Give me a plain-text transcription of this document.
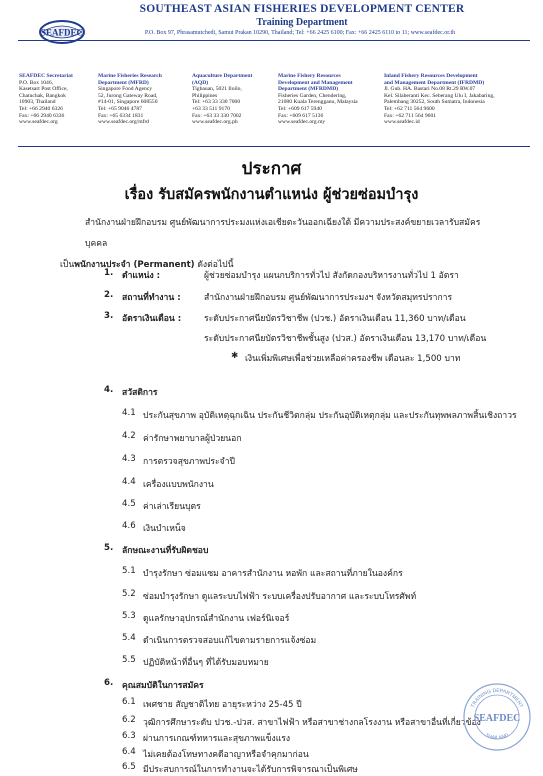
SEAFDEC
SOUTHEAST ASIAN FISHERIES DEVELOPMENT CENTER
Training Department
P.O. Box 97, Phrasamutchedi, Samut Prakan 10290, Thailand; Tel: +66 2425 6100; Fax: +66 2425 6110 to 11; www.seafdec.or.th
SEAFDEC Secretariat
P.O. Box 1046,
Kasetsart Post Office,
Chatuchak, Bangkok
10903, Thailand
Tel: +66 2940 6326
Fax: +66 2940 6336
www.seafdec.org
Marine Fisheries Research
Department (MFRD)
Singapore Food Agency
52, Jurong Gateway Road,
#14-01, Singapore 608550
Tel: +65 9046 4787
Fax: +65 6334 1831
www.seafdec.org/mfrd
Aquaculture Department
(AQD)
Tigbauan, 5021 Iloilo,
Philippines
Tel: +63 33 330 7000
+63 33 511 9170
Fax: +63 33 330 7002
www.seafdec.org.ph
Marine Fishery Resources
Development and Management
Department (MFRDMD)
Fisheries Garden, Chendering,
21080 Kuala Terengganu, Malaysia
Tel: +609 617 5940
Fax: +609 617 5136
www.seafdec.org.my
Inland Fishery Resources Development
and Management Department (IFRDMD)
Jl. Gub. HA. Bastari No.08 Rt.29 RW.07
Kel. Silaberanti Kec. Seberang Ulu I, Jakabaring,
Palembang 30252, South Sumatra, Indonesia
Tel: +62 711 564 9600
Fax: +62 711 564 9601
www.seafdec.id
ประกาศ
เรื่อง รับสมัครพนักงานตำแหน่ง ผู้ช่วยซ่อมบำรุง
สำนักงานฝ่ายฝึกอบรม ศูนย์พัฒนาการประมงแห่งเอเชียตะวันออกเฉียงใต้ มีความประสงค์ขยายเวลารับสมัครบุคคล
เป็นพนักงานประจำ (Permanent) ดังต่อไปนี้
1. ตำแหน่ง :	ผู้ช่วยซ่อมบำรุง แผนกบริการทั่วไป สังกัดกองบริหารงานทั่วไป 1 อัตรา
2. สถานที่ทำงาน :	สำนักงานฝ่ายฝึกอบรม ศูนย์พัฒนาการประมงฯ จังหวัดสมุทรปราการ
3. อัตราเงินเดือน :	ระดับประกาศนียบัตรวิชาชีพ (ปวช.) อัตราเงินเดือน 11,360 บาท/เดือน
ระดับประกาศนียบัตรวิชาชีพชั้นสูง (ปวส.) อัตราเงินเดือน 13,170 บาท/เดือน
✱ เงินเพิ่มพิเศษเพื่อช่วยเหลือค่าครองชีพ เดือนละ 1,500 บาท
4. สวัสดิการ
4.1 ประกันสุขภาพ อุบัติเหตุฉุกเฉิน ประกันชีวิตกลุ่ม ประกันอุบัติเหตุกลุ่ม และประกันทุพพลภาพสิ้นเชิงถาวร
4.2 ค่ารักษาพยาบาลผู้ป่วยนอก
4.3 การตรวจสุขภาพประจำปี
4.4 เครื่องแบบพนักงาน
4.5 ค่าเล่าเรียนบุตร
4.6 เงินบำเหน็จ
5. ลักษณะงานที่รับผิดชอบ
5.1 บำรุงรักษา ซ่อมแซม อาคารสำนักงาน หอพัก และสถานที่ภายในองค์กร
5.2 ซ่อมบำรุงรักษา ดูแลระบบไฟฟ้า ระบบเครื่องปรับอากาศ และระบบโทรศัพท์
5.3 ดูแลรักษาอุปกรณ์สำนักงาน เฟอร์นิเจอร์
5.4 ดำเนินการตรวจสอบแก้ไขตามรายการแจ้งซ่อม
5.5 ปฏิบัติหน้าที่อื่นๆ ที่ได้รับมอบหมาย
6. คุณสมบัติในการสมัคร
6.1 เพศชาย สัญชาติไทย อายุระหว่าง 25-45 ปี
6.2 วุฒิการศึกษาระดับ ปวช.-ปวส. สาขาไฟฟ้า หรือสาขาช่างกลโรงงาน หรือสาขาอื่นที่เกี่ยวข้อง
6.3 ผ่านการเกณฑ์ทหารและสุขภาพแข็งแรง
6.4 ไม่เคยต้องโทษทางคดีอาญาหรือจำคุกมาก่อน
6.5
TRAINING DEPARTMENT
SEAFDEC
THAILAND
มีประสบการณ์ในการทำงานจะได้รับการพิจารณาเป็นพิเศษ
